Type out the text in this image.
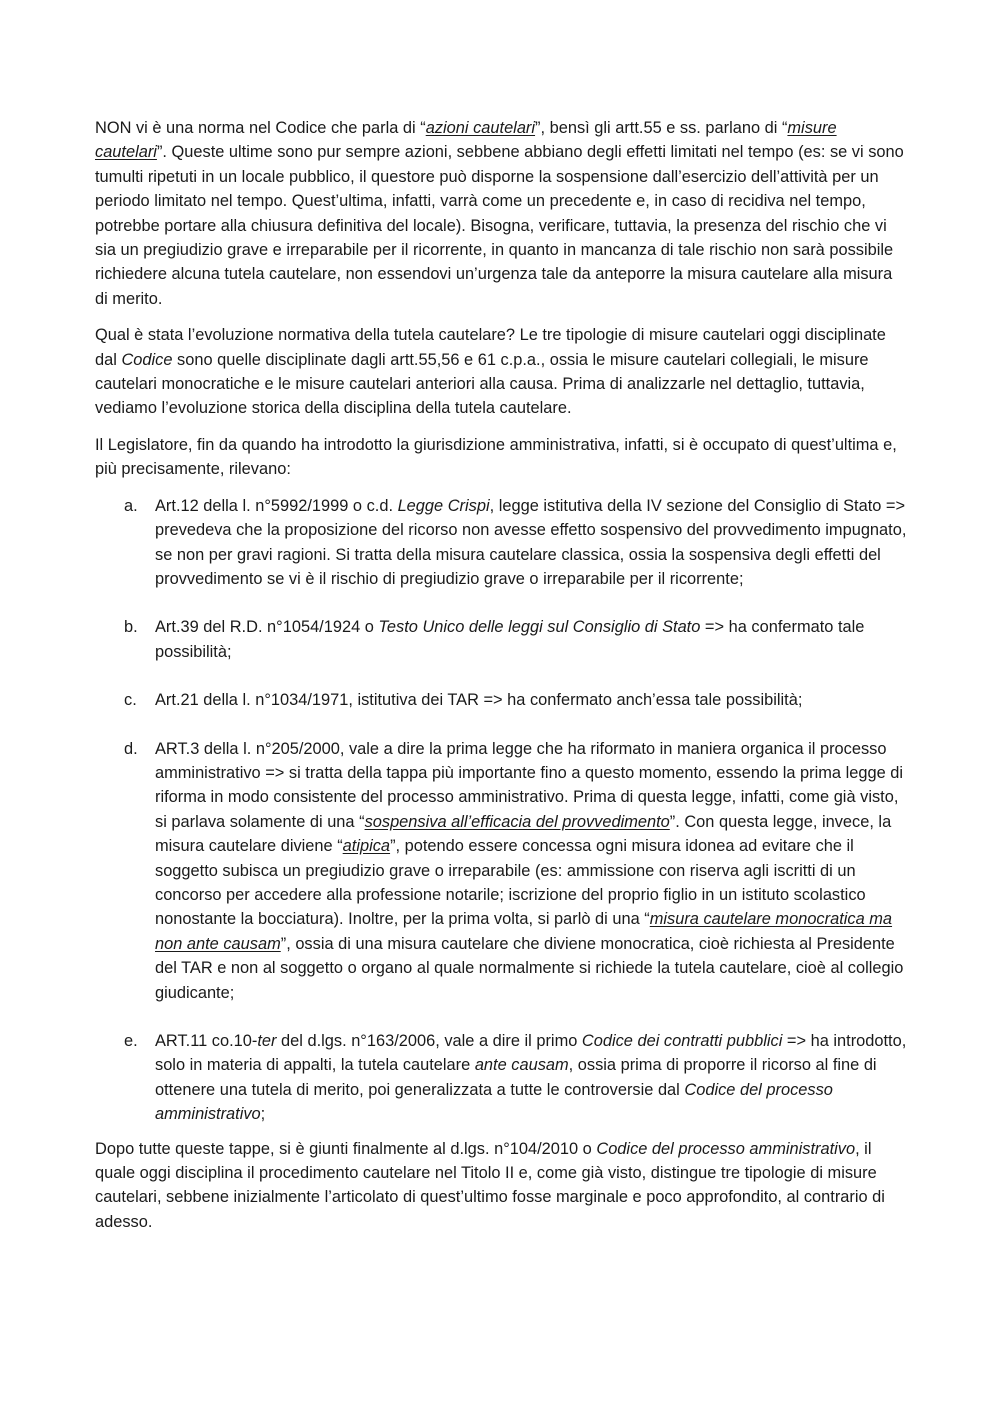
NON vi è una norma nel Codice che parla di “azioni cautelari”, bensì gli artt.55 e ss. parlano di “misure cautelari”. Queste ultime sono pur sempre azioni, sebbene abbiano degli effetti limitati nel tempo (es: se vi sono tumulti ripetuti in un locale pubblico, il questore può disporne la sospensione dall’esercizio dell’attività per un periodo limitato nel tempo. Quest’ultima, infatti, varrà come un precedente e, in caso di recidiva nel tempo, potrebbe portare alla chiusura definitiva del locale). Bisogna, verificare, tuttavia, la presenza del rischio che vi sia un pregiudizio grave e irreparabile per il ricorrente, in quanto in mancanza di tale rischio non sarà possibile richiedere alcuna tutela cautelare, non essendovi un’urgenza tale da anteporre la misura cautelare alla misura di merito.

Qual è stata l’evoluzione normativa della tutela cautelare? Le tre tipologie di misure cautelari oggi disciplinate dal Codice sono quelle disciplinate dagli artt.55,56 e 61 c.p.a., ossia le misure cautelari collegiali, le misure cautelari monocratiche e le misure cautelari anteriori alla causa. Prima di analizzarle nel dettaglio, tuttavia, vediamo l’evoluzione storica della disciplina della tutela cautelare.

Il Legislatore, fin da quando ha introdotto la giurisdizione amministrativa, infatti, si è occupato di quest’ultima e, più precisamente, rilevano:

a.	Art.12 della l. n°5992/1999 o c.d. Legge Crispi, legge istitutiva della IV sezione del Consiglio di Stato => prevedeva che la proposizione del ricorso non avesse effetto sospensivo del provvedimento impugnato, se non per gravi ragioni. Si tratta della misura cautelare classica, ossia la sospensiva degli effetti del provvedimento se vi è il rischio di pregiudizio grave o irreparabile per il ricorrente;
b.	Art.39 del R.D. n°1054/1924 o Testo Unico delle leggi sul Consiglio di Stato => ha confermato tale possibilità;
c.	Art.21 della l. n°1034/1971, istitutiva dei TAR => ha confermato anch’essa tale possibilità;
d.	ART.3 della l. n°205/2000, vale a dire la prima legge che ha riformato in maniera organica il processo amministrativo => si tratta della tappa più importante fino a questo momento, essendo la prima legge di riforma in modo consistente del processo amministrativo. Prima di questa legge, infatti, come già visto, si parlava solamente di una “sospensiva all’efficacia del provvedimento”. Con questa legge, invece, la misura cautelare diviene “atipica”, potendo essere concessa ogni misura idonea ad evitare che il soggetto subisca un pregiudizio grave o irreparabile (es: ammissione con riserva agli iscritti di un concorso per accedere alla professione notarile; iscrizione del proprio figlio in un istituto scolastico nonostante la bocciatura). Inoltre, per la prima volta, si parlò di una “misura cautelare monocratica ma non ante causam”, ossia di una misura cautelare che diviene monocratica, cioè richiesta al Presidente del TAR e non al soggetto o organo al quale normalmente si richiede la tutela cautelare, cioè al collegio giudicante;
e.	ART.11 co.10-ter del d.lgs. n°163/2006, vale a dire il primo Codice dei contratti pubblici => ha introdotto, solo in materia di appalti, la tutela cautelare ante causam, ossia prima di proporre il ricorso al fine di ottenere una tutela di merito, poi generalizzata a tutte le controversie dal Codice del processo amministrativo;

Dopo tutte queste tappe, si è giunti finalmente al d.lgs. n°104/2010 o Codice del processo amministrativo, il quale oggi disciplina il procedimento cautelare nel Titolo II e, come già visto, distingue tre tipologie di misure cautelari, sebbene inizialmente l’articolato di quest’ultimo fosse marginale e poco approfondito, al contrario di adesso.
